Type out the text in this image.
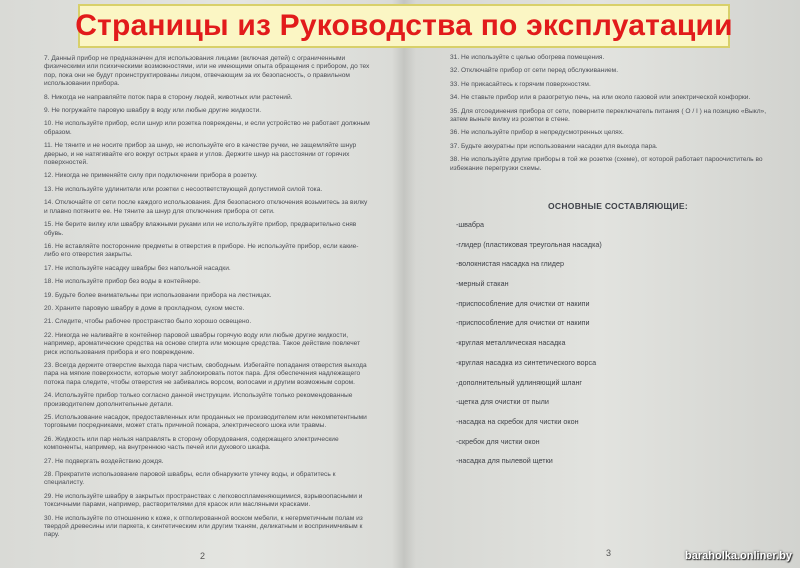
Страницы из Руководства по эксплуатации

7. Данный прибор не предназначен для использования лицами (включая детей) с ограниченными физическими или психическими возможностями, или не имеющими опыта обращения с прибором, до тех пор, пока они не будут проинструктированы лицом, отвечающим за их безопасность, о правильном использовании прибора.

8. Никогда не направляйте поток пара в сторону людей, животных или растений.

9. Не погружайте паровую швабру в воду или любые другие жидкости.

10. Не используйте прибор, если шнур или розетка повреждены, и если устройство не работает должным образом.

11. Не тяните и не носите прибор за шнур, не используйте его в качестве ручки, не защемляйте шнур дверью, и не натягивайте его вокруг острых краев и углов. Держите шнур на расстоянии от горячих поверхностей.

12. Никогда не применяйте силу при подключении прибора в розетку.

13. Не используйте удлинители или розетки с несоответствующей допустимой силой тока.

14. Отключайте от сети после каждого использования. Для безопасного отключения возьмитесь за вилку и плавно потяните ее. Не тяните за шнур для отключения прибора от сети.

15. Не берите вилку или швабру влажными руками или не используйте прибор, предварительно сняв обувь.

16. Не вставляйте посторонние предметы в отверстия в приборе. Не используйте прибор, если какие-либо его отверстия закрыты.

17. Не используйте насадку швабры без напольной насадки.

18. Не используйте прибор без воды в контейнере.

19. Будьте более внимательны при использовании прибора на лестницах.

20. Храните паровую швабру в доме в прохладном, сухом месте.

21. Следите, чтобы рабочее пространство было хорошо освещено.

22. Никогда не наливайте в контейнер паровой швабры горячую воду или любые другие жидкости, например, ароматические средства на основе спирта или моющие средства. Такое действие повлечет риск использования прибора и его повреждение.

23. Всегда держите отверстие выхода пара чистым, свободным. Избегайте попадания отверстия выхода пара на мягкие поверхности, которые могут заблокировать поток пара. Для обеспечения надлежащего потока пара следите, чтобы отверстия не забивались ворсом, волосами и другим возможным сором.

24. Используйте прибор только согласно данной инструкции. Используйте только рекомендованные производителем дополнительные детали.

25. Использование насадок, предоставленных или проданных не производителем или некомпетентными торговыми посредниками, может стать причиной пожара, электрического шока или травмы.

26. Жидкость или пар нельзя направлять в сторону оборудования, содержащего электрические компоненты, например, на внутреннюю часть печей или духового шкафа.

27. Не подвергать воздействию дождя.

28. Прекратите использование паровой швабры, если обнаружите утечку воды, и обратитесь к специалисту.

29. Не используйте швабру в закрытых пространствах с легковоспламеняющимися, взрывоопасными и токсичными парами, например, растворителями для красок или масляными красками.

30. Не используйте по отношению к коже, к отполированной воском мебели, к негерметичным полам из твердой древесины или паркета, к синтетическим или другим тканям, деликатным и воспринимчивым к пару.

31. Не используйте с целью обогрева помещения.

32. Отключайте прибор от сети перед обслуживанием.

33. Не прикасайтесь к горячим поверхностям.

34. Не ставьте прибор или в разогретую печь, на или около газовой или электрической конфорки.

35. Для отсоединения прибора от сети, поверните переключатель питания ( O / I ) на позицию «Выкл», затем выньте вилку из розетки в стене.

36. Не используйте прибор в непредусмотренных целях.

37. Будьте аккуратны при использовании насадки для выхода пара.

38. Не используйте другие приборы в той же розетке (схеме), от которой работает пароочиститель во избежание перегрузки схемы.

ОСНОВНЫЕ СОСТАВЛЯЮЩИЕ:
-швабра
-глидер (пластиковая треугольная насадка)
-волокнистая насадка на глидер
-мерный стакан
-приспособление для очистки от накипи
-приспособление для очистки от накипи
-круглая металлическая насадка
-круглая насадка из синтетического ворса
-дополнительный удлиняющий шланг
-щетка для очистки от пыли
-насадка на скребок для чистки окон
-скребок для чистки окон
-насадка для пылевой щетки
2	3	baraholka.onliner.by
